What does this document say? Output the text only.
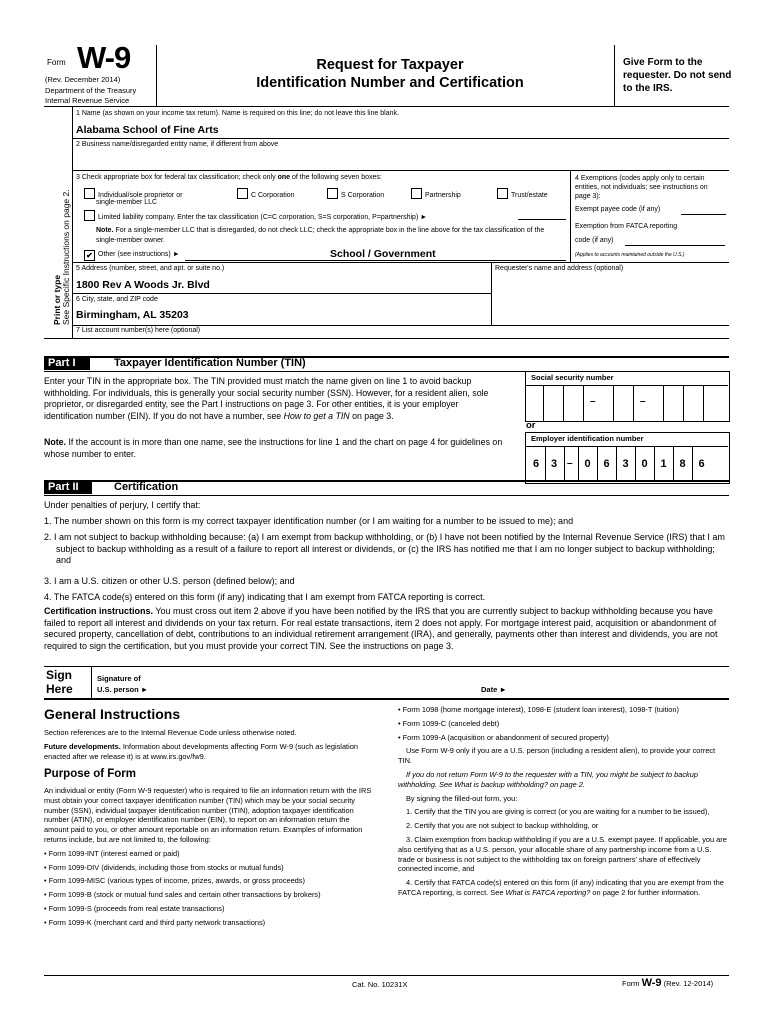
Form W-9
(Rev. December 2014)
Department of the Treasury
Internal Revenue Service
Request for Taxpayer
Identification Number and Certification
Give Form to the requester. Do not send to the IRS.
Print or type See Specific Instructions on page 2.
1 Name (as shown on your income tax return). Name is required on this line; do not leave this line blank.
Alabama School of Fine Arts
2 Business name/disregarded entity name, if different from above
3 Check appropriate box for federal tax classification; check only one of the following seven boxes:
Individual/sole proprietor or
single-member LLC
C Corporation	S Corporation	Partnership	Trust/estate
Limited liability company. Enter the tax classification (C=C corporation, S=S corporation, P=partnership) ►
Note. For a single-member LLC that is disregarded, do not check LLC; check the appropriate box in the line above for the tax classification of the single-member owner.
✔ Other (see instructions) ►	School / Government
4 Exemptions (codes apply only to certain entities, not individuals; see instructions on page 3):
Exempt payee code (if any)
Exemption from FATCA reporting
code (if any)
(Applies to accounts maintained outside the U.S.)
5 Address (number, street, and apt. or suite no.)
1800 Rev A Woods Jr. Blvd
Requester's name and address (optional)
6 City, state, and ZIP code
Birmingham, AL 35203
7 List account number(s) here (optional)
Part I	Taxpayer Identification Number (TIN)
Enter your TIN in the appropriate box. The TIN provided must match the name given on line 1 to avoid backup withholding. For individuals, this is generally your social security number (SSN). However, for a resident alien, sole proprietor, or disregarded entity, see the Part I instructions on page 3. For other entities, it is your employer identification number (EIN). If you do not have a number, see How to get a TIN on page 3.
Note. If the account is in more than one name, see the instructions for line 1 and the chart on page 4 for guidelines on whose number to enter.
Social security number
–	–
or
Employer identification number
6	3 –	0	6	3	0	1	8	6
Part II	Certification
Under penalties of perjury, I certify that:
1. The number shown on this form is my correct taxpayer identification number (or I am waiting for a number to be issued to me); and
2. I am not subject to backup withholding because: (a) I am exempt from backup withholding, or (b) I have not been notified by the Internal Revenue Service (IRS) that I am subject to backup withholding as a result of a failure to report all interest or dividends, or (c) the IRS has notified me that I am no longer subject to backup withholding; and
3. I am a U.S. citizen or other U.S. person (defined below); and
4. The FATCA code(s) entered on this form (if any) indicating that I am exempt from FATCA reporting is correct.
Certification instructions. You must cross out item 2 above if you have been notified by the IRS that you are currently subject to backup withholding because you have failed to report all interest and dividends on your tax return. For real estate transactions, item 2 does not apply. For mortgage interest paid, acquisition or abandonment of secured property, cancellation of debt, contributions to an individual retirement arrangement (IRA), and generally, payments other than interest and dividends, you are not required to sign the certification, but you must provide your correct TIN. See the instructions on page 3.
Sign
Here
Signature of
U.S. person ►	Date ►
General Instructions

Section references are to the Internal Revenue Code unless otherwise noted.

Future developments. Information about developments affecting Form W-9 (such as legislation enacted after we release it) is at www.irs.gov/fw9.

Purpose of Form

An individual or entity (Form W-9 requester) who is required to file an information return with the IRS must obtain your correct taxpayer identification number (TIN) which may be your social security number (SSN), individual taxpayer identification number (ITIN), adoption taxpayer identification number (ATIN), or employer identification number (EIN), to report on an information return the amount paid to you, or other amount reportable on an information return. Examples of information returns include, but are not limited to, the following:

• Form 1099-INT (interest earned or paid)

• Form 1099-DIV (dividends, including those from stocks or mutual funds)

• Form 1099-MISC (various types of income, prizes, awards, or gross proceeds)

• Form 1099-B (stock or mutual fund sales and certain other transactions by brokers)

• Form 1099-S (proceeds from real estate transactions)

• Form 1099-K (merchant card and third party network transactions)

• Form 1098 (home mortgage interest), 1098-E (student loan interest), 1098-T (tuition)

• Form 1099-C (canceled debt)

• Form 1099-A (acquisition or abandonment of secured property)

Use Form W-9 only if you are a U.S. person (including a resident alien), to provide your correct TIN.

If you do not return Form W-9 to the requester with a TIN, you might be subject to backup withholding. See What is backup withholding? on page 2.

By signing the filled-out form, you:

1. Certify that the TIN you are giving is correct (or you are waiting for a number to be issued),

2. Certify that you are not subject to backup withholding, or

3. Claim exemption from backup withholding if you are a U.S. exempt payee. If applicable, you are also certifying that as a U.S. person, your allocable share of any partnership income from a U.S. trade or business is not subject to the withholding tax on foreign partners' share of effectively connected income, and

4. Certify that FATCA code(s) entered on this form (if any) indicating that you are exempt from the FATCA reporting, is correct. See What is FATCA reporting? on page 2 for further information.

Cat. No. 10231X	Form W-9 (Rev. 12-2014)
